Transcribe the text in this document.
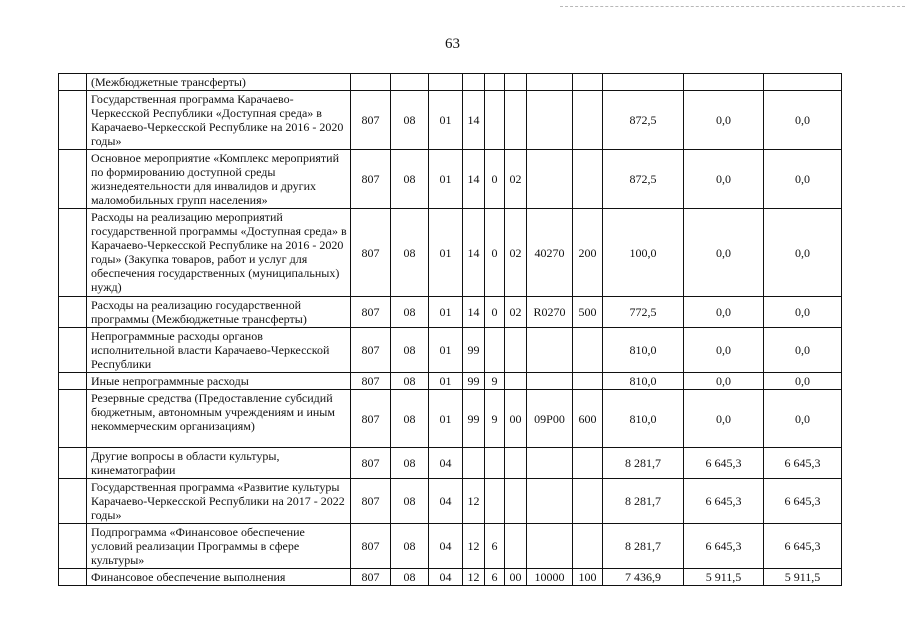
63
	(Межбюджетные трансферты)											
	Государственная программа Карачаево-Черкесской Республики «Доступная среда» в Карачаево-Черкесской Республике на 2016 - 2020 годы»	807	08	01	14					872,5	0,0	0,0
	Основное мероприятие «Комплекс мероприятий по формированию доступной среды жизнедеятельности для инвалидов и других маломобильных групп населения»	807	08	01	14	0	02			872,5	0,0	0,0
	Расходы на реализацию мероприятий государственной программы «Доступная среда» в Карачаево-Черкесской Республике на 2016 - 2020 годы» (Закупка товаров, работ и услуг для обеспечения государственных (муниципальных) нужд)	807	08	01	14	0	02	40270	200	100,0	0,0	0,0
	Расходы на реализацию государственной программы (Межбюджетные трансферты)	807	08	01	14	0	02	R0270	500	772,5	0,0	0,0
	Непрограммные расходы органов исполнительной власти Карачаево-Черкесской Республики	807	08	01	99					810,0	0,0	0,0
	Иные непрограммные расходы	807	08	01	99	9				810,0	0,0	0,0
	Резервные средства (Предоставление субсидий бюджетным, автономным учреждениям и иным некоммерческим организациям)	807	08	01	99	9	00	09Р00	600	810,0	0,0	0,0
	Другие вопросы в области культуры, кинематографии	807	08	04						8 281,7	6 645,3	6 645,3
	Государственная программа «Развитие культуры Карачаево-Черкесской Республики на 2017 - 2022 годы»	807	08	04	12					8 281,7	6 645,3	6 645,3
	Подпрограмма «Финансовое обеспечение условий реализации Программы в сфере культуры»	807	08	04	12	6				8 281,7	6 645,3	6 645,3
	Финансовое обеспечение выполнения	807	08	04	12	6	00	10000	100	7 436,9	5 911,5	5 911,5
